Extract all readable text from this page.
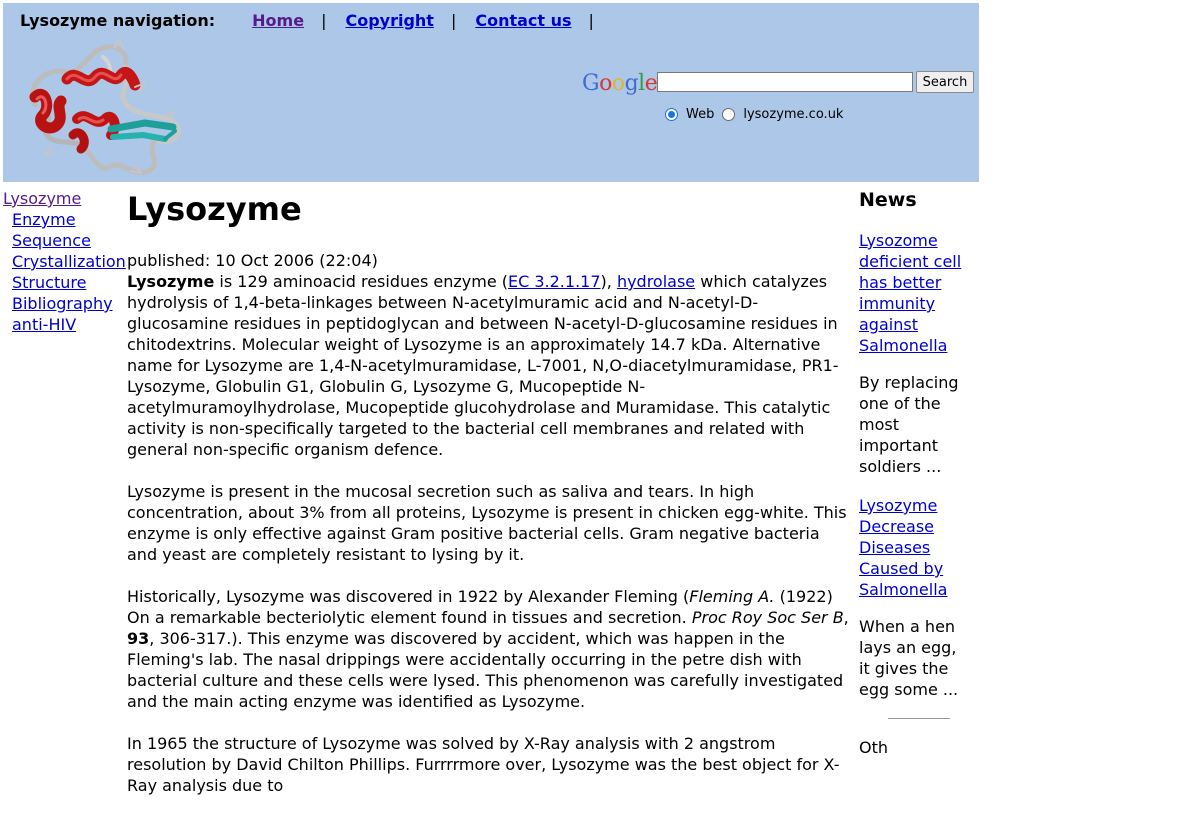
Lysozyme navigation: Home | Copyright | Contact us |
Google	Search
Web lysozyme.co.uk
Lysozyme
Enzyme
Sequence
Crystallization
Structure
Bibliography
anti-HIV
Lysozyme
published: 10 Oct 2006 (22:04)

Lysozyme is 129 aminoacid residues enzyme (EC 3.2.1.17), hydrolase which catalyzes hydrolysis of 1,4-beta-linkages between N-acetylmuramic acid and N-acetyl-D-glucosamine residues in peptidoglycan and between N-acetyl-D-glucosamine residues in chitodextrins. Molecular weight of Lysozyme is an approximately 14.7 kDa. Alternative name for Lysozyme are 1,4-N-acetylmuramidase, L-7001, N,O-diacetylmuramidase, PR1-Lysozyme, Globulin G1, Globulin G, Lysozyme G, Mucopeptide N-acetylmuramoylhydrolase, Mucopeptide glucohydrolase and Muramidase. This catalytic activity is non-specifically targeted to the bacterial cell membranes and related with general non-specific organism defence.

Lysozyme is present in the mucosal secretion such as saliva and tears. In high concentration, about 3% from all proteins, Lysozyme is present in chicken egg-white. This enzyme is only effective against Gram positive bacterial cells. Gram negative bacteria and yeast are completely resistant to lysing by it.

Historically, Lysozyme was discovered in 1922 by Alexander Fleming (Fleming A. (1922) On a remarkable becteriolytic element found in tissues and secretion. Proc Roy Soc Ser B, 93, 306-317.). This enzyme was discovered by accident, which was happen in the Fleming's lab. The nasal drippings were accidentally occurring in the petre dish with bacterial culture and these cells were lysed. This phenomenon was carefully investigated and the main acting enzyme was identified as Lysozyme.

In 1965 the structure of Lysozyme was solved by X-Ray analysis with 2 angstrom resolution by David Chilton Phillips. Furrrrmore over, Lysozyme was the best object for X-Ray analysis due to

News
Lysozome deficient cell has better immunity against Salmonella
By replacing one of the most important soldiers ...
Lysozyme Decrease Diseases Caused by Salmonella
When a hen lays an egg, it gives the egg some ...
Oth
